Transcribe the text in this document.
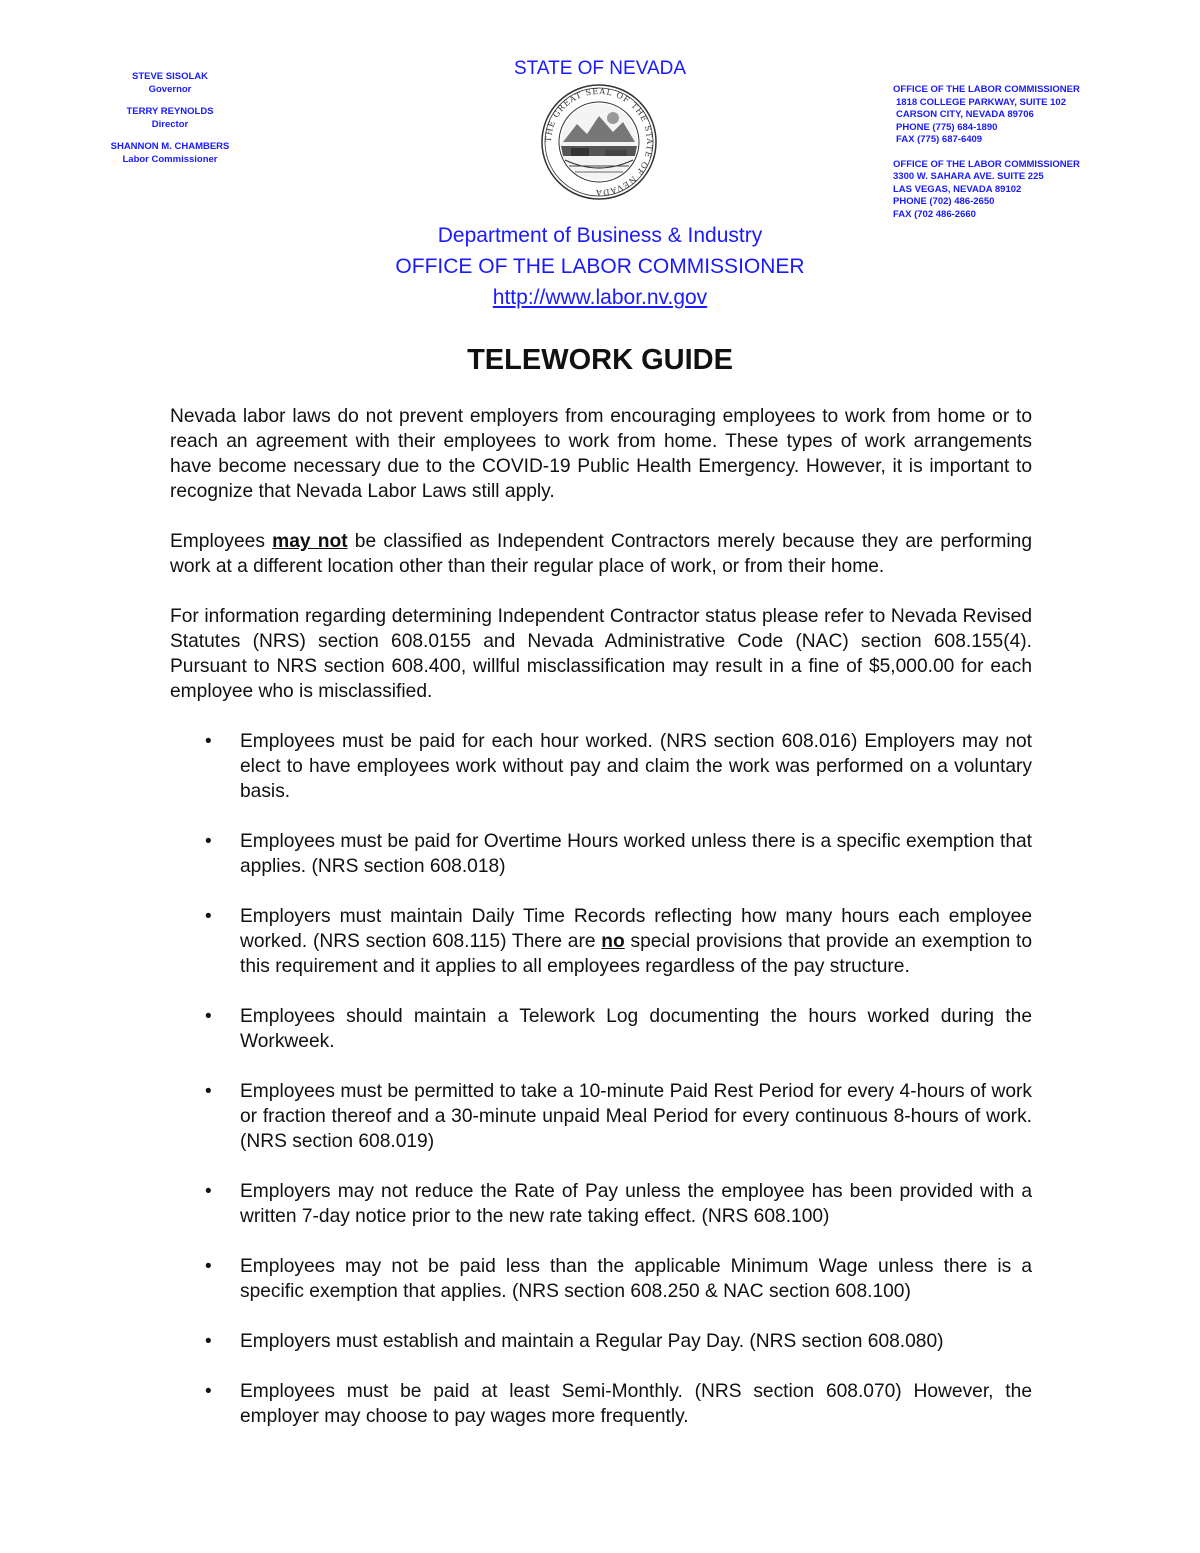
STEVE SISOLAK
Governor
TERRY REYNOLDS
Director
SHANNON M. CHAMBERS
Labor Commissioner
STATE OF NEVADA
THE GREAT SEAL OF THE STATE OF NEVADA
OFFICE OF THE LABOR COMMISSIONER
1818 COLLEGE PARKWAY, SUITE 102
CARSON CITY, NEVADA 89706
PHONE (775) 684-1890
FAX (775) 687-6409
OFFICE OF THE LABOR COMMISSIONER
3300 W. SAHARA AVE. SUITE 225
LAS VEGAS, NEVADA 89102
PHONE (702) 486-2650
FAX (702 486-2660
Department of Business & Industry
OFFICE OF THE LABOR COMMISSIONER
http://www.labor.nv.gov
TELEWORK GUIDE

Nevada labor laws do not prevent employers from encouraging employees to work from home or to reach an agreement with their employees to work from home. These types of work arrangements have become necessary due to the COVID-19 Public Health Emergency. However, it is important to recognize that Nevada Labor Laws still apply.

Employees may not be classified as Independent Contractors merely because they are performing work at a different location other than their regular place of work, or from their home.

For information regarding determining Independent Contractor status please refer to Nevada Revised Statutes (NRS) section 608.0155 and Nevada Administrative Code (NAC) section 608.155(4). Pursuant to NRS section 608.400, willful misclassification may result in a fine of $5,000.00 for each employee who is misclassified.

• Employees must be paid for each hour worked. (NRS section 608.016) Employers may not elect to have employees work without pay and claim the work was performed on a voluntary basis.
• Employees must be paid for Overtime Hours worked unless there is a specific exemption that applies. (NRS section 608.018)
• Employers must maintain Daily Time Records reflecting how many hours each employee worked. (NRS section 608.115) There are no special provisions that provide an exemption to this requirement and it applies to all employees regardless of the pay structure.
• Employees should maintain a Telework Log documenting the hours worked during the Workweek.
• Employees must be permitted to take a 10-minute Paid Rest Period for every 4-hours of work or fraction thereof and a 30-minute unpaid Meal Period for every continuous 8-hours of work. (NRS section 608.019)
• Employers may not reduce the Rate of Pay unless the employee has been provided with a written 7-day notice prior to the new rate taking effect. (NRS 608.100)
• Employees may not be paid less than the applicable Minimum Wage unless there is a specific exemption that applies. (NRS section 608.250 & NAC section 608.100)
• Employers must establish and maintain a Regular Pay Day. (NRS section 608.080)
• Employees must be paid at least Semi-Monthly. (NRS section 608.070) However, the employer may choose to pay wages more frequently.
